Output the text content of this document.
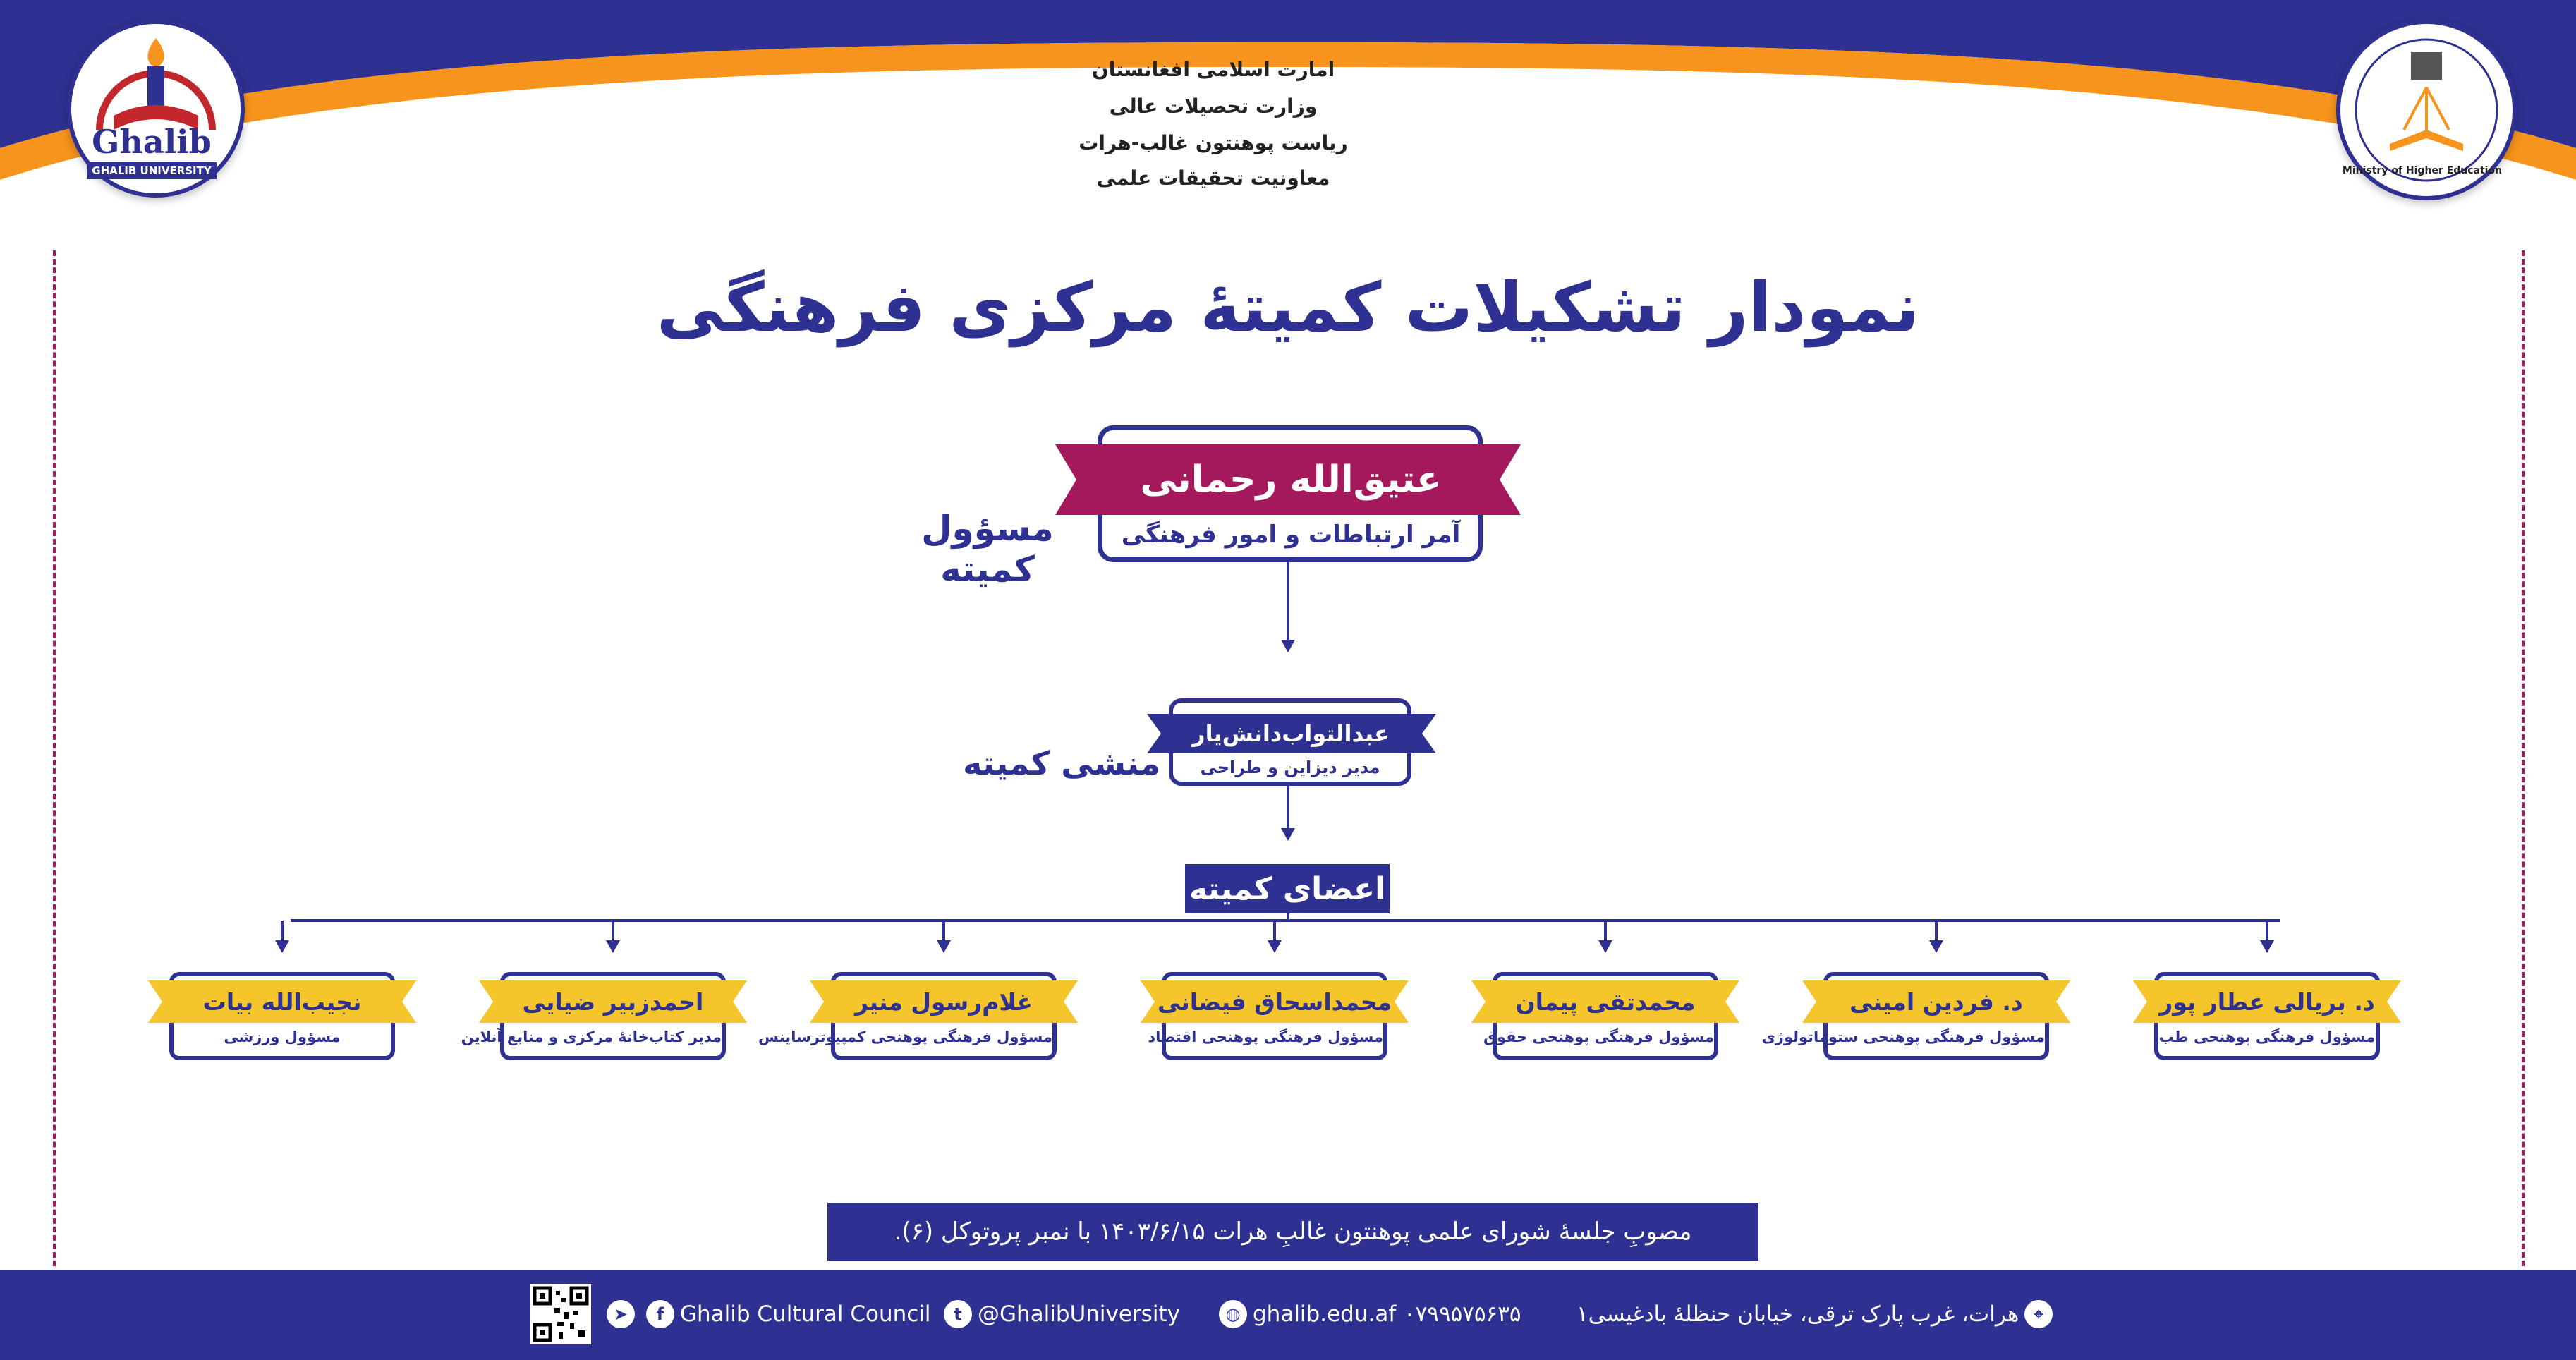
Ghalib
GHALIB UNIVERSITY	Ministry of Higher Education
امارت اسلامی افغانستان
وزارت تحصیلات عالی
ریاست پوهنتون غالب-هرات
معاونیت تحقیقات علمی
نمودار تشکیلات کمیتۀ مرکزی فرهنگی
عتیق‌الله رحمانی
آمر ارتباطات و امور فرهنگی
مسؤول کمیته
عبدالتواب‌دانش‌یار
مدیر دیزاین و طراحی
منشی کمیته
اعضای کمیته
د. بریالی عطار پور
مسؤول فرهنگی پوهنحی طب
د. فردین امینی
مسؤول فرهنگی پوهنحی ستوماتولوژی
محمدتقی پیمان
مسؤول فرهنگی پوهنحی حقوق
محمداسحاق فیضانی
مسؤول فرهنگی پوهنحی اقتصاد
غلام‌رسول منیر
مسؤول فرهنگی پوهنحی کمپیوترساینس
احمدزبیر ضیایی
مدیر کتاب‌خانۀ مرکزی و منابع آنلاین
نجیب‌الله بیات
مسؤول ورزشی
مصوبِ جلسۀ شورای علمی پوهنتون غالبِ هرات ۱۴۰۳/۶/۱۵ با نمبر پروتوکل (۶).
➤	f Ghalib Cultural Council	t @GhalibUniversity	◍ ghalib.edu.af ۰۷۹۹۵۷۵۶۳۵	⌖
هرات، غرب پارک ترقی، خیابان حنظلۀ بادغیسی۱
